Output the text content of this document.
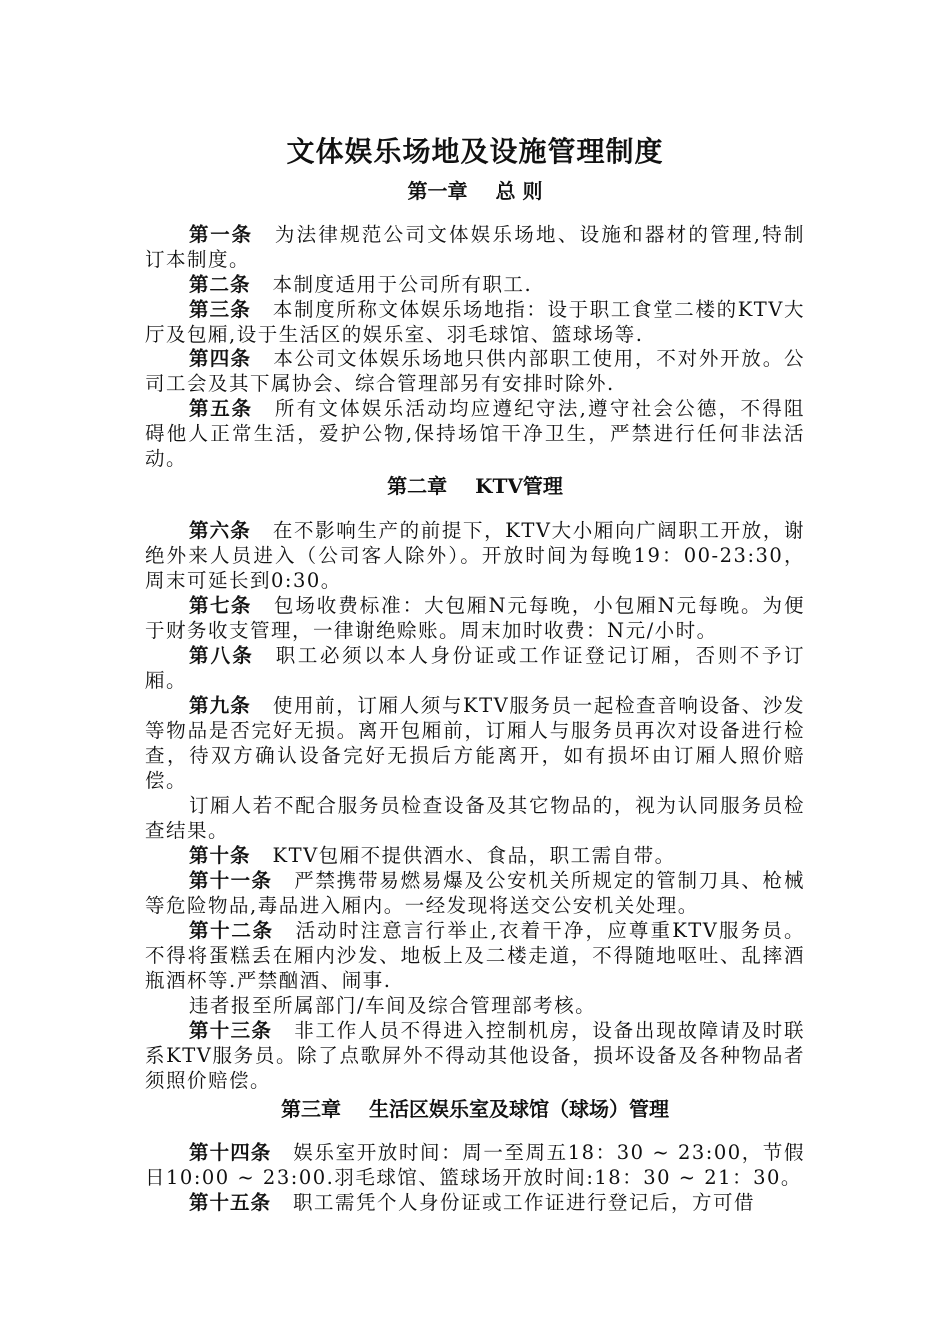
文体娱乐场地及设施管理制度
第一章 总 则

第一条 为法律规范公司文体娱乐场地、设施和器材的管理,特制订本制度。

第二条 本制度适用于公司所有职工.

第三条 本制度所称文体娱乐场地指：设于职工食堂二楼的KTV大厅及包厢,设于生活区的娱乐室、羽毛球馆、篮球场等.

第四条 本公司文体娱乐场地只供内部职工使用，不对外开放。公司工会及其下属协会、综合管理部另有安排时除外.

第五条 所有文体娱乐活动均应遵纪守法,遵守社会公德，不得阻碍他人正常生活，爱护公物,保持场馆干净卫生，严禁进行任何非法活动。

第二章 KTV管理

第六条 在不影响生产的前提下，KTV大小厢向广阔职工开放，谢绝外来人员进入（公司客人除外）。开放时间为每晚19：00-23:30，周末可延长到0:30。

第七条 包场收费标准：大包厢N元每晚，小包厢N元每晚。为便于财务收支管理，一律谢绝赊账。周末加时收费：N元/小时。

第八条 职工必须以本人身份证或工作证登记订厢，否则不予订厢。

第九条 使用前，订厢人须与KTV服务员一起检查音响设备、沙发等物品是否完好无损。离开包厢前，订厢人与服务员再次对设备进行检查，待双方确认设备完好无损后方能离开，如有损坏由订厢人照价赔偿。

订厢人若不配合服务员检查设备及其它物品的，视为认同服务员检查结果。

第十条 KTV包厢不提供酒水、食品，职工需自带。

第十一条 严禁携带易燃易爆及公安机关所规定的管制刀具、枪械等危险物品,毒品进入厢内。一经发现将送交公安机关处理。

第十二条 活动时注意言行举止,衣着干净，应尊重KTV服务员。不得将蛋糕丢在厢内沙发、地板上及二楼走道，不得随地呕吐、乱摔酒瓶酒杯等.严禁酗酒、闹事.

违者报至所属部门/车间及综合管理部考核。

第十三条 非工作人员不得进入控制机房，设备出现故障请及时联系KTV服务员。除了点歌屏外不得动其他设备，损坏设备及各种物品者须照价赔偿。

第三章 生活区娱乐室及球馆（球场）管理

第十四条 娱乐室开放时间：周一至周五18：30 ~ 23:00，节假日10:00 ~ 23:00.羽毛球馆、篮球场开放时间:18：30 ~ 21：30。

第十五条 职工需凭个人身份证或工作证进行登记后，方可借
